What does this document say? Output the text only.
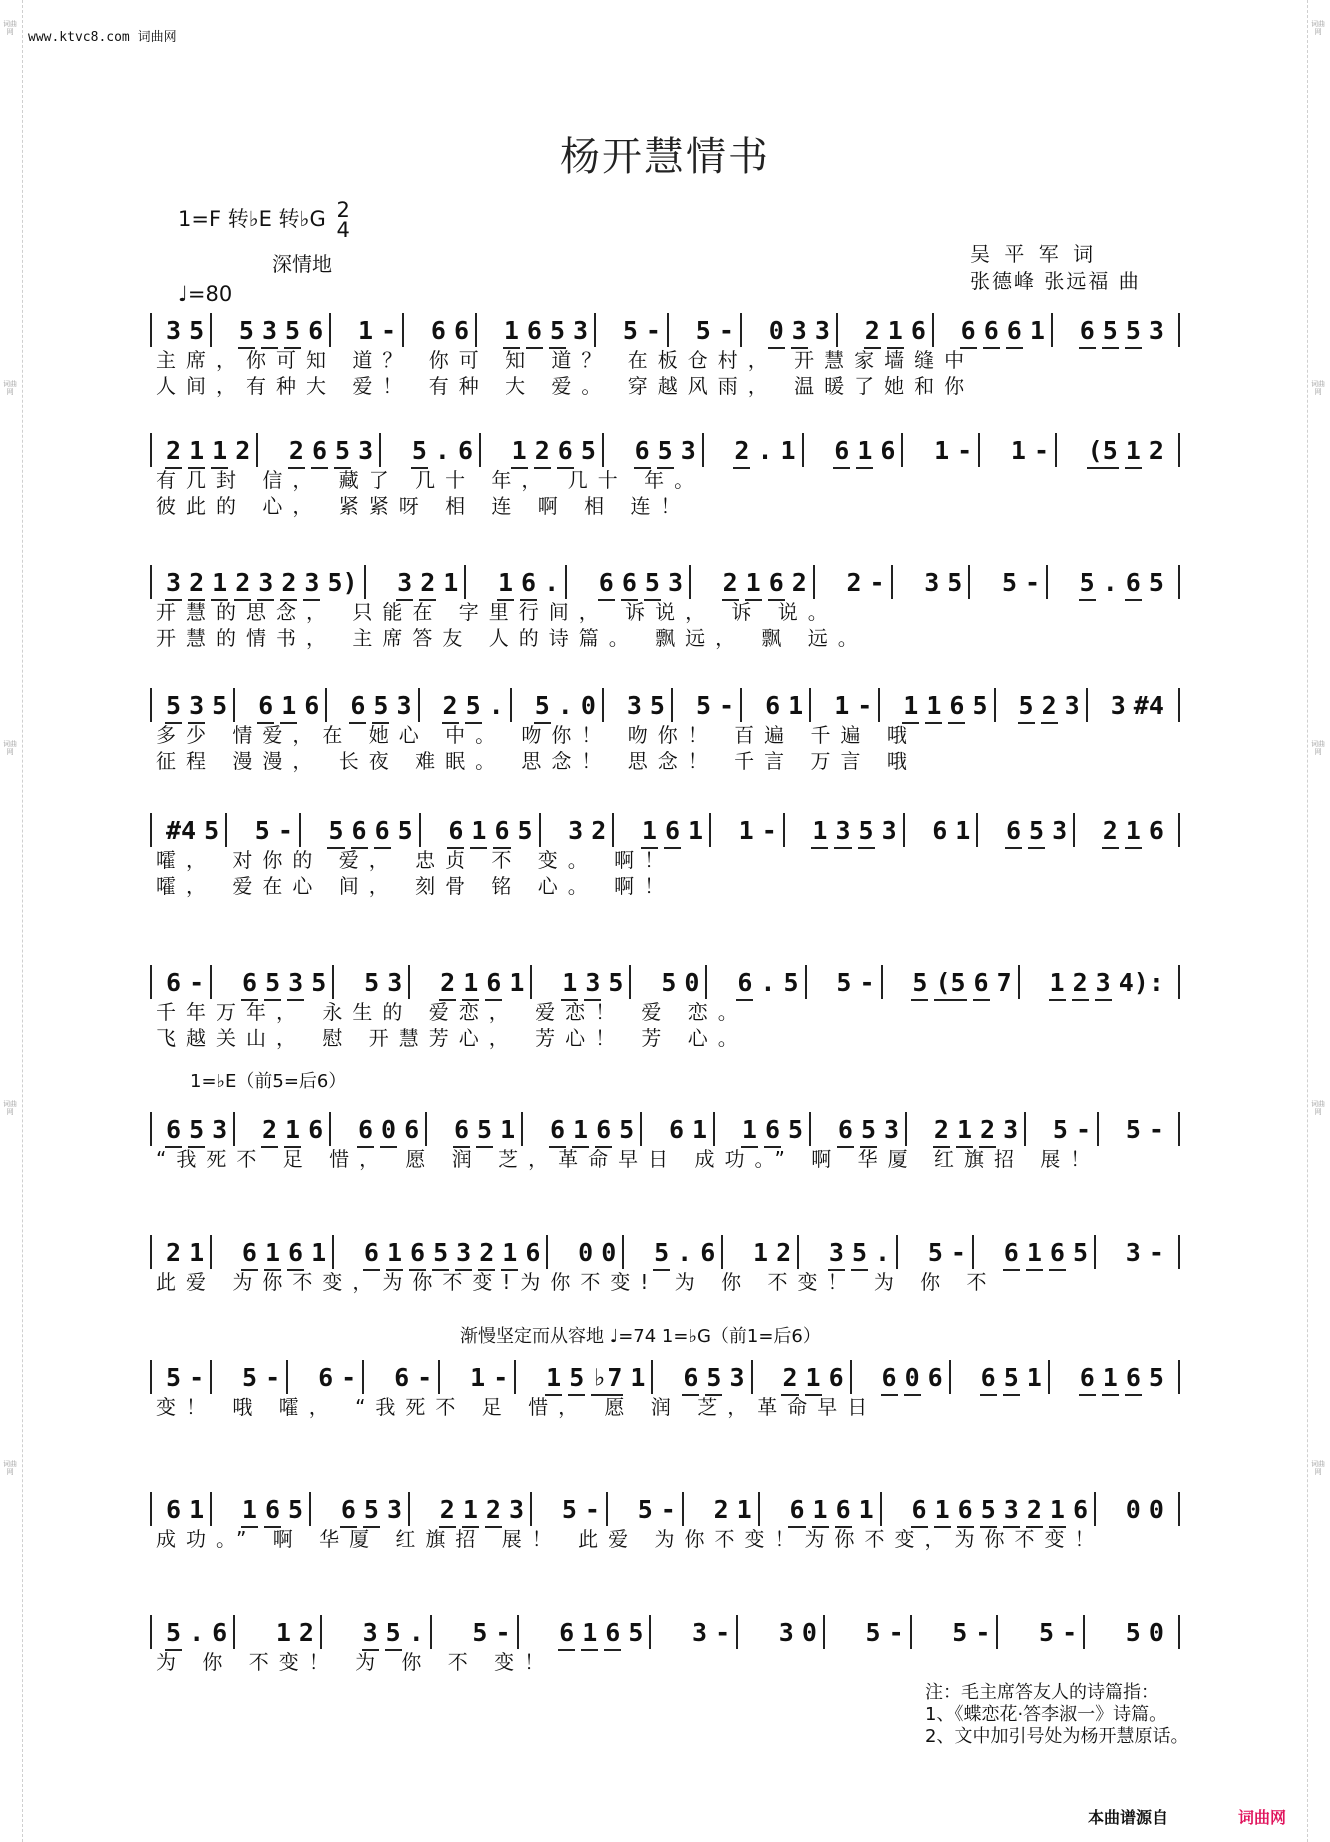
词曲网
词曲网
词曲网
词曲网
词曲网
词曲网
词曲网
词曲网
词曲网
词曲网
www.ktvc8.com 词曲网
杨开慧情书
1=F 转♭E 转♭G 2
4
深情地
♩=80
吴 平 军 词
张德峰 张远福 曲
1=♭E（前5=后6）
渐慢坚定而从容地 ♩=74 1=♭G（前1=后6）
3 5 5 3 5 6 1 - 6 6 1 6 5 3 5 - 5 - 0 3 3 2 1 6 6 6 6 1 6 5 5 3
主席，你可知 道？ 你可 知 道？ 在板仓村， 开慧家墙缝中
人间，有种大 爱！ 有种 大 爱。 穿越风雨， 温暖了她和你
2 1 1 2 2 6 5 3 5 . 6 1 2 6 5 6 5 3 2 . 1 6 1 6 1 - 1 - (5 1 2
有几封 信， 藏了 几十 年， 几十 年。
彼此的 心， 紧紧呀 相 连 啊 相 连！
3 2 1 2 3 2 3 5) 3 2 1 1 6 . 6 6 5 3 2 1 6 2 2 - 3 5 5 - 5 . 6 5
开慧的思念， 只能在 字里行间， 诉说， 诉 说。
开慧的情书， 主席答友 人的诗篇。 飘远， 飘 远。
5 3 5 6 1 6 6 5 3 2 5 . 5 . 0 3 5 5 - 6 1 1 - 1 1 6 5 5 2 3 3 #4
多少 情爱，在 她心 中。 吻你！ 吻你！ 百遍 千遍 哦
征程 漫漫， 长夜 难眠。 思念！ 思念！ 千言 万言 哦
#4 5 5 - 5 6 6 5 6 1 6 5 3 2 1 6 1 1 - 1 3 5 3 6 1 6 5 3 2 1 6
嚯， 对你的 爱， 忠贞 不 变。 啊！
嚯， 爱在心 间， 刻骨 铭 心。 啊！
6 - 6 5 3 5 5 3 2 1 6 1 1 3 5 5 0 6 . 5 5 - 5 (5 6 7 1 2 3 4):
千年万年， 永生的 爱恋， 爱恋！ 爱 恋。
飞越关山， 慰 开慧芳心， 芳心！ 芳 心。
6 5 3 2 1 6 6 0 6 6 5 1 6 1 6 5 6 1 1 6 5 6 5 3 2 1 2 3 5 - 5 -
“我死不 足 惜， 愿 润 芝，革命早日 成功。” 啊 华厦 红旗招 展！
2 1 6 1 6 1 6 1 6 5 3 2 1 6 0 0 5 . 6 1 2 3 5 . 5 - 6 1 6 5 3 -
此爱 为你不变，为你不变!为你不变! 为 你 不变！ 为 你 不
5 - 5 - 6 - 6 - 1 - 1 5 ♭7 1 6 5 3 2 1 6 6 0 6 6 5 1 6 1 6 5
变！ 哦 嚯， “我死不 足 惜， 愿 润 芝，革命早日
6 1 1 6 5 6 5 3 2 1 2 3 5 - 5 - 2 1 6 1 6 1 6 1 6 5 3 2 1 6 0 0
成功。” 啊 华厦 红旗招 展！ 此爱 为你不变！为你不变，为你不变！
5 . 6 1 2 3 5 . 5 - 6 1 6 5 3 - 3 0 5 - 5 - 5 - 5 0
为 你 不变！ 为 你 不 变！
注：毛主席答友人的诗篇指：
1、《蝶恋花·答李淑一》诗篇。
2、文中加引号处为杨开慧原话。
本曲谱源自	词曲网
